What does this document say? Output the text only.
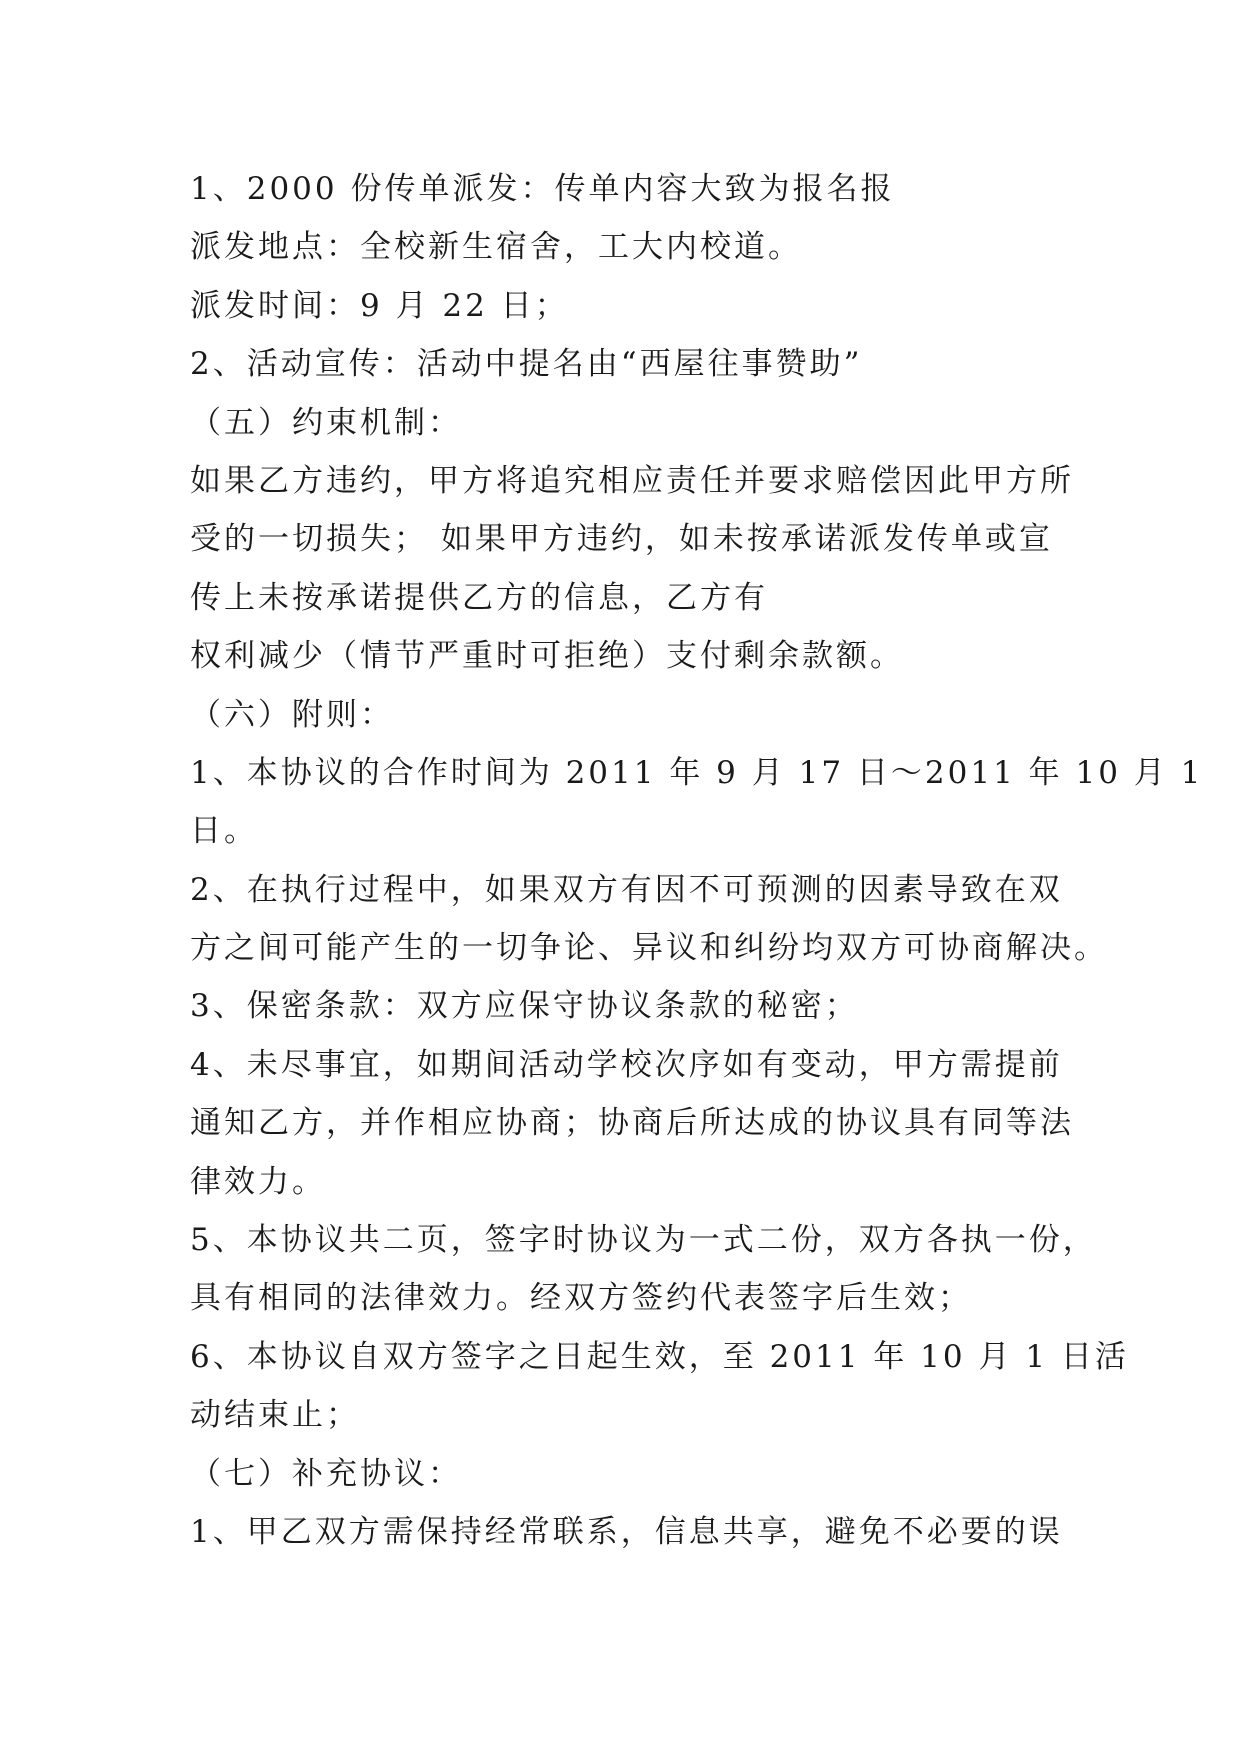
1、2000 份传单派发：传单内容大致为报名报
派发地点：全校新生宿舍，工大内校道。
派发时间：9 月 22 日；
2、活动宣传：活动中提名由“西屋往事赞助”
（五）约束机制：
如果乙方违约，甲方将追究相应责任并要求赔偿因此甲方所
受的一切损失； 如果甲方违约，如未按承诺派发传单或宣
传上未按承诺提供乙方的信息，乙方有
权利减少（情节严重时可拒绝）支付剩余款额。
（六）附则：
1、本协议的合作时间为 2011 年 9 月 17 日～2011 年 10 月 1
日。
2、在执行过程中，如果双方有因不可预测的因素导致在双
方之间可能产生的一切争论、异议和纠纷均双方可协商解决。
3、保密条款：双方应保守协议条款的秘密；
4、未尽事宜，如期间活动学校次序如有变动，甲方需提前
通知乙方，并作相应协商；协商后所达成的协议具有同等法
律效力。
5、本协议共二页，签字时协议为一式二份，双方各执一份，
具有相同的法律效力。经双方签约代表签字后生效；
6、本协议自双方签字之日起生效，至 2011 年 10 月 1 日活
动结束止；
（七）补充协议：
1、甲乙双方需保持经常联系，信息共享，避免不必要的误
